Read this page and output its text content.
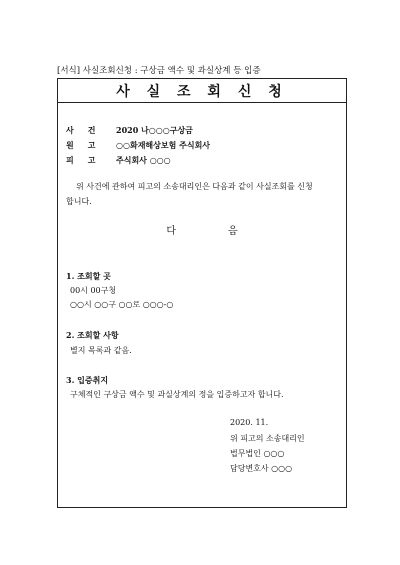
[서식] 사실조회신청 : 구상금 액수 및 과실상계 등 입증
사 실 조 회 신 청
사건 2020 나○○○구상금
원고 ○○화재해상보험 주식회사
피고 주식회사 ○○○
위 사건에 관하여 피고의 소송대리인은 다음과 같이 사실조회를 신청
합니다.
다	음
1. 조회할 곳
00시 00구청
○○시 ○○구 ○○로 ○○○-○
2. 조회할 사항
별지 목록과 같음.
3. 입증취지
구체적인 구상금 액수 및 과실상계의 정을 입증하고자 합니다.
2020. 11.
위 피고의 소송대리인
법무법인 ○○○
담당변호사 ○○○
